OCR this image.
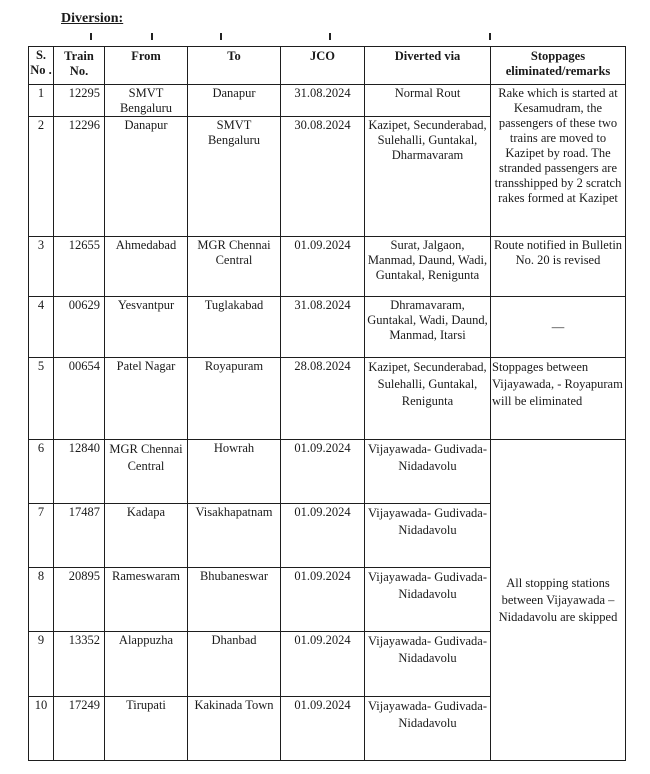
Diversion:
S. No .	Train No.	From	To	JCO	Diverted via	Stoppages eliminated/remarks
1	12295	SMVT Bengaluru	Danapur	31.08.2024	Normal Rout	Rake which is started at Kesamudram, the passengers of these two trains are moved to Kazipet by road. The stranded passengers are transshipped by 2 scratch rakes formed at Kazipet
2	12296	Danapur	SMVT Bengaluru	30.08.2024	Kazipet, Secunderabad, Sulehalli, Guntakal, Dharmavaram	
3	12655	Ahmedabad	MGR Chennai Central	01.09.2024	Surat, Jalgaon, Manmad, Daund, Wadi, Guntakal, Renigunta	Route notified in Bulletin No. 20 is revised
4	00629	Yesvantpur	Tuglakabad	31.08.2024	Dhramavaram, Guntakal, Wadi, Daund, Manmad, Itarsi	—
5	00654	Patel Nagar	Royapuram	28.08.2024	Kazipet, Secunderabad, Sulehalli, Guntakal, Renigunta	Stoppages between Vijayawada, - Royapuram will be eliminated
6	12840	MGR Chennai Central	Howrah	01.09.2024	Vijayawada- Gudivada- Nidadavolu	All stopping stations between Vijayawada – Nidadavolu are skipped
7	17487	Kadapa	Visakhapatnam	01.09.2024	Vijayawada- Gudivada- Nidadavolu	
8	20895	Rameswaram	Bhubaneswar	01.09.2024	Vijayawada- Gudivada- Nidadavolu	
9	13352	Alappuzha	Dhanbad	01.09.2024	Vijayawada- Gudivada- Nidadavolu	
10	17249	Tirupati	Kakinada Town	01.09.2024	Vijayawada- Gudivada- Nidadavolu	
